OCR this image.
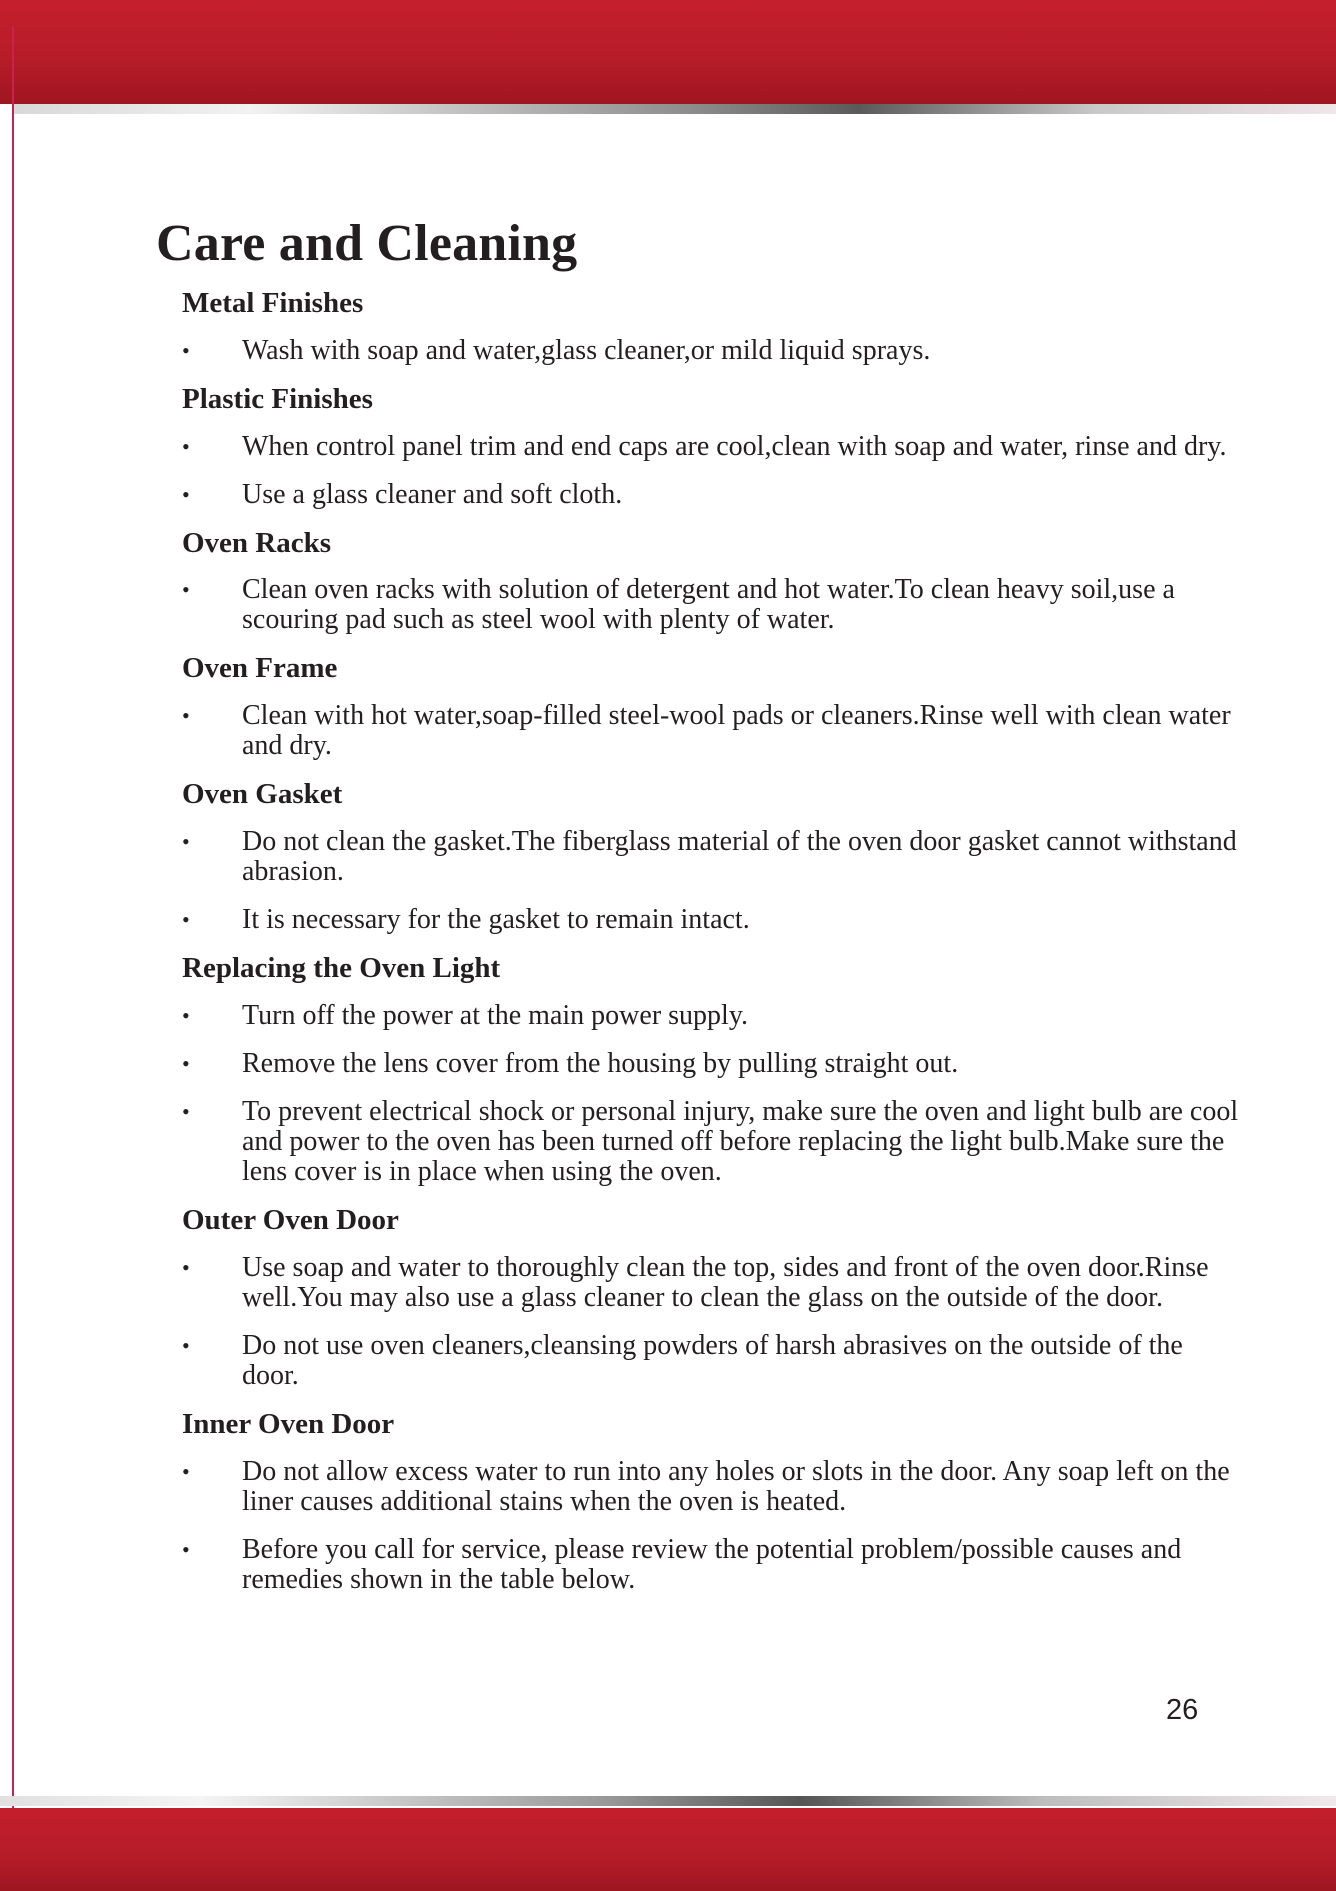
Care and Cleaning
Metal Finishes
•	Wash with soap and water,glass cleaner,or mild liquid sprays.
Plastic Finishes
•	When control panel trim and end caps are cool,clean with soap and water, rinse and dry.
•	Use a glass cleaner and soft cloth.
Oven Racks
•	Clean oven racks with solution of detergent and hot water.To clean heavy soil,use a scouring pad such as steel wool with plenty of water.
Oven Frame
•	Clean with hot water,soap-filled steel-wool pads or cleaners.Rinse well with clean water and dry.
Oven Gasket
•	Do not clean the gasket.The fiberglass material of the oven door gasket cannot withstand abrasion.
•	It is necessary for the gasket to remain intact.
Replacing the Oven Light
•	Turn off the power at the main power supply.
•	Remove the lens cover from the housing by pulling straight out.
•	To prevent electrical shock or personal injury, make sure the oven and light bulb are cool and power to the oven has been turned off before replacing the light bulb.Make sure the lens cover is in place when using the oven.
Outer Oven Door
•	Use soap and water to thoroughly clean the top, sides and front of the oven door.Rinse well.You may also use a glass cleaner to clean the glass on the outside of the door.
•	Do not use oven cleaners,cleansing powders of harsh abrasives on the outside of the door.
Inner Oven Door
•	Do not allow excess water to run into any holes or slots in the door. Any soap left on the liner causes additional stains when the oven is heated.
•	Before you call for service, please review the potential problem/possible causes and remedies shown in the table below.
26
